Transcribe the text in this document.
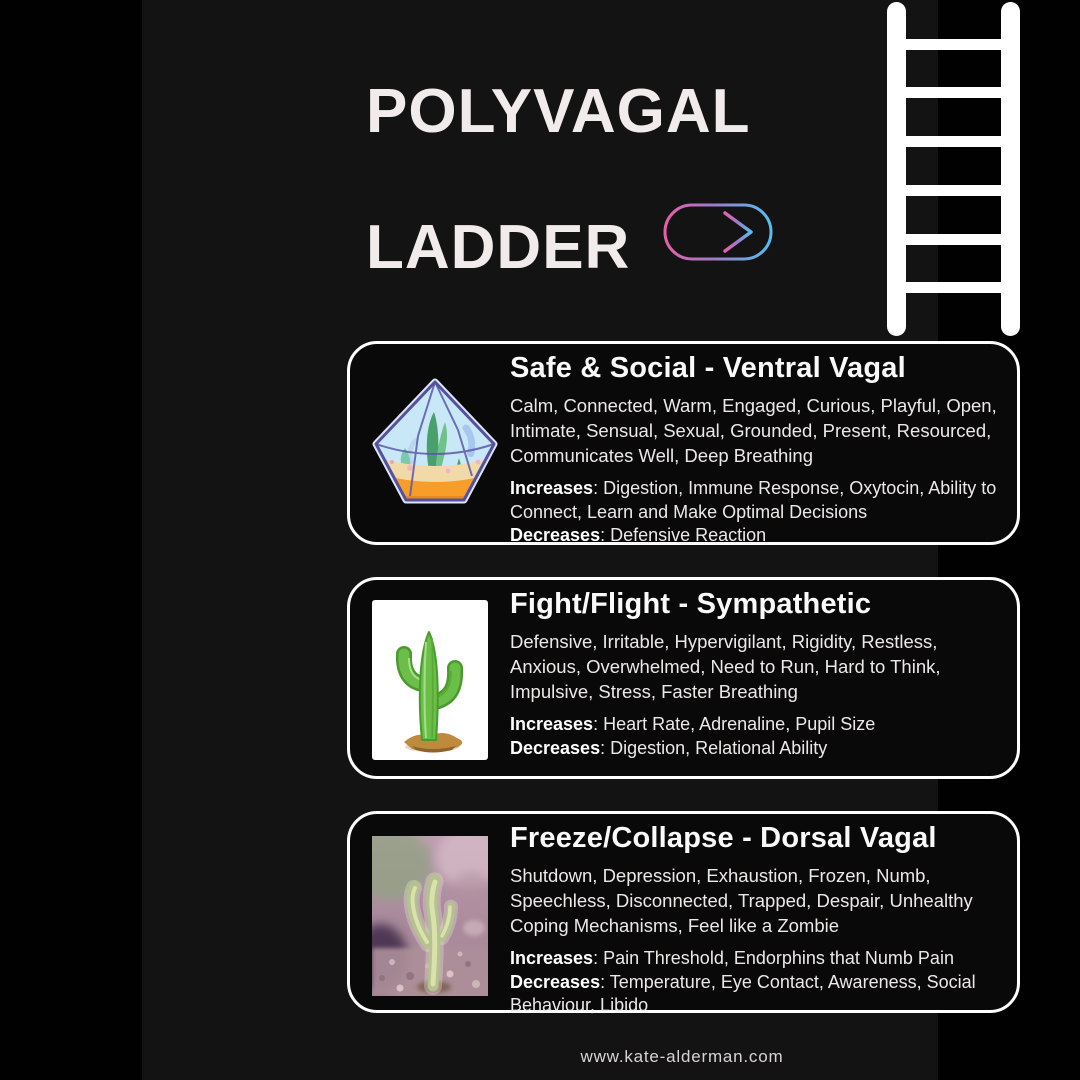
POLYVAGAL

LADDER

Safe & Social - Ventral Vagal

Calm, Connected, Warm, Engaged, Curious, Playful, Open, Intimate, Sensual, Sexual, Grounded, Present, Resourced, Communicates Well, Deep Breathing

Increases: Digestion, Immune Response, Oxytocin, Ability to Connect, Learn and Make Optimal Decisions
Decreases: Defensive Reaction
Fight/Flight - Sympathetic

Defensive, Irritable, Hypervigilant, Rigidity, Restless, Anxious, Overwhelmed, Need to Run, Hard to Think, Impulsive, Stress, Faster Breathing

Increases: Heart Rate, Adrenaline, Pupil Size
Decreases: Digestion, Relational Ability
Freeze/Collapse - Dorsal Vagal

Shutdown, Depression, Exhaustion, Frozen, Numb, Speechless, Disconnected, Trapped, Despair, Unhealthy Coping Mechanisms, Feel like a Zombie

Increases: Pain Threshold, Endorphins that Numb Pain
Decreases: Temperature, Eye Contact, Awareness, Social Behaviour, Libido
www.kate-alderman.com
